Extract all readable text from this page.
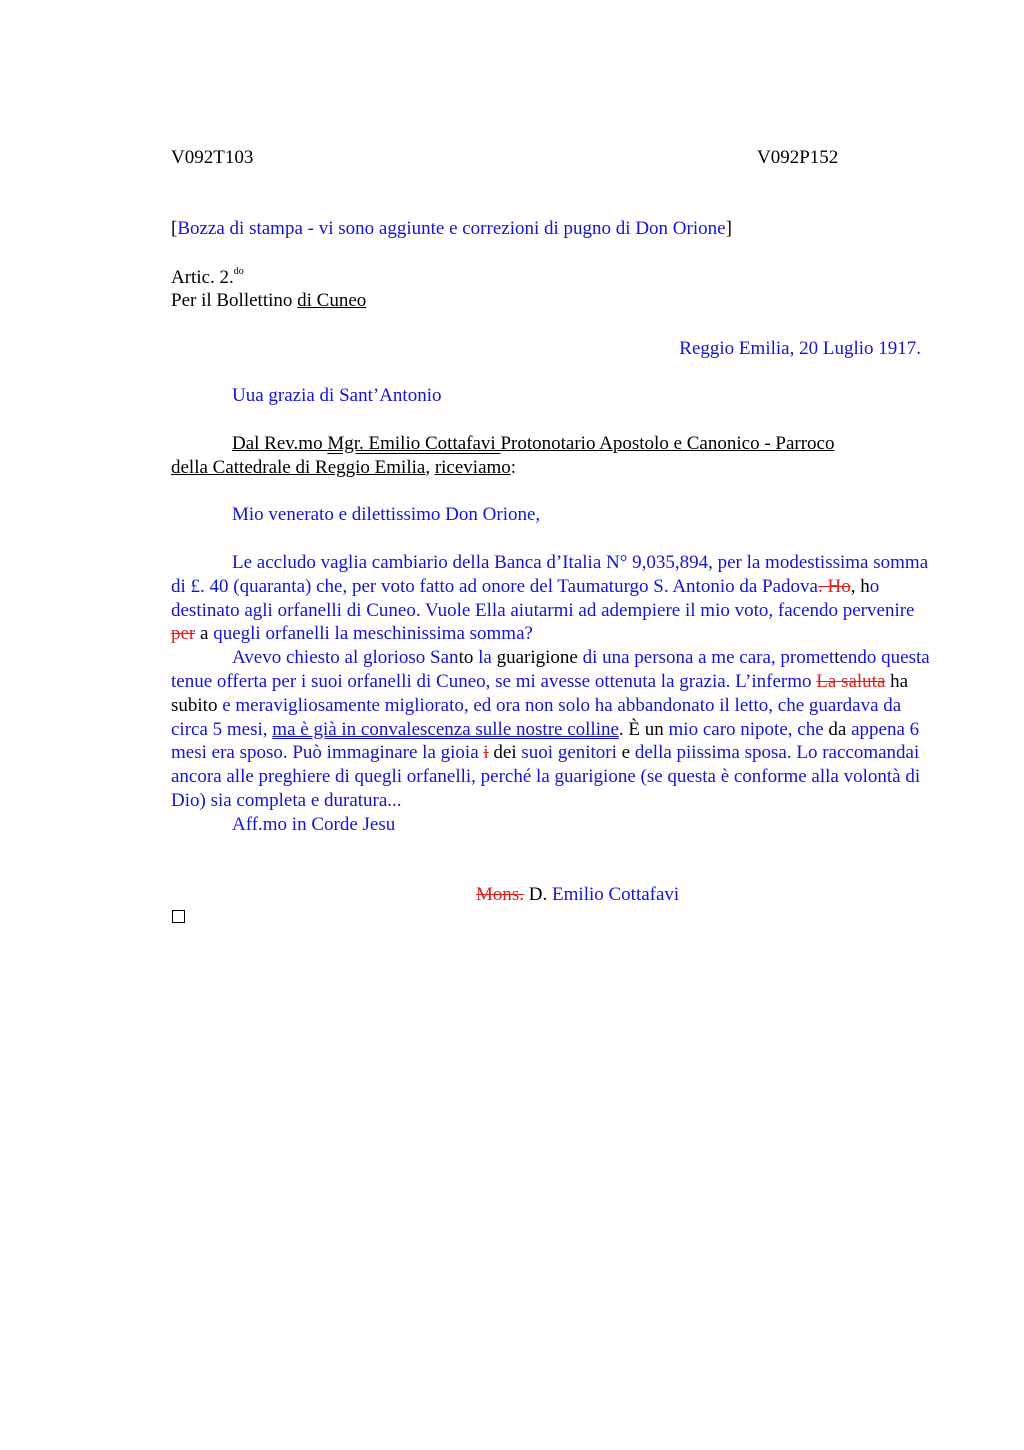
V092T103	V092P152
[Bozza di stampa - vi sono aggiunte e correzioni di pugno di Don Orione]
Artic. 2.$^{do}$
Per il Bollettino di Cuneo
Reggio Emilia, 20 Luglio 1917.
Uua grazia di Sant’Antonio
Dal Rev.mo Mgr. Emilio Cottafavi Protonotario Apostolo e Canonico - Parroco
della Cattedrale di Reggio Emilia, riceviamo:
Mio venerato e dilettissimo Don Orione,
Le accludo vaglia cambiario della Banca d’Italia N° 9,035,894, per la modestissima somma di £. 40 (quaranta) che, per voto fatto ad onore del Taumaturgo S. Antonio da Padova. Ho, ho destinato agli orfanelli di Cuneo. Vuole Ella aiutarmi ad adempiere il mio voto, facendo pervenire per a quegli orfanelli la meschinissima somma?
Avevo chiesto al glorioso Santo la guarigione di una persona a me cara, promettendo questa tenue offerta per i suoi orfanelli di Cuneo, se mi avesse ottenuta la grazia. L’infermo La saluta ha subito e meravigliosamente migliorato, ed ora non solo ha abbandonato il letto, che guardava da circa 5 mesi, ma è già in convalescenza sulle nostre colline. È un mio caro nipote, che da appena 6 mesi era sposo. Può immaginare la gioia i dei suoi genitori e della piissima sposa. Lo raccomandai ancora alle preghiere di quegli orfanelli, perché la guarigione (se questa è conforme alla volontà di Dio) sia completa e duratura...
Aff.mo in Corde Jesu
Mons. D. Emilio Cottafavi
